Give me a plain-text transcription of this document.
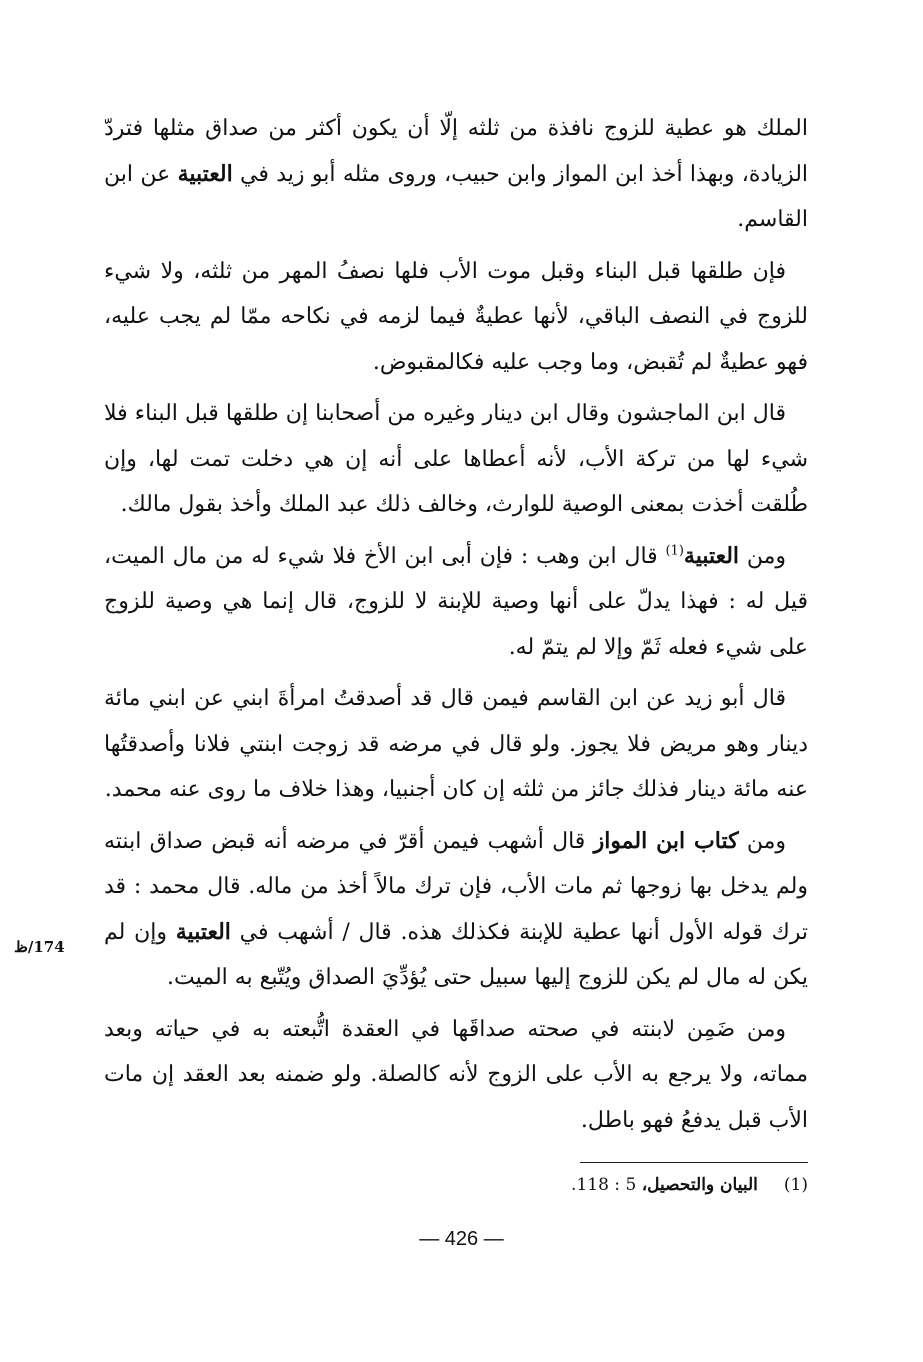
الملك هو عطية للزوج نافذة من ثلثه إلّا أن يكون أكثر من صداق مثلها فتردّ الزيادة، وبهذا أخذ ابن المواز وابن حبيب، وروى مثله أبو زيد في العتبية عن ابن القاسم.

فإن طلقها قبل البناء وقبل موت الأب فلها نصفُ المهر من ثلثه، ولا شيء للزوج في النصف الباقي، لأنها عطيةٌ فيما لزمه في نكاحه ممّا لم يجب عليه، فهو عطيةٌ لم تُقبض، وما وجب عليه فكالمقبوض.

قال ابن الماجشون وقال ابن دينار وغيره من أصحابنا إن طلقها قبل البناء فلا شيء لها من تركة الأب، لأنه أعطاها على أنه إن هي دخلت تمت لها، وإن طُلقت أخذت بمعنى الوصية للوارث، وخالف ذلك عبد الملك وأخذ بقول مالك.

ومن العتبية$^{(1)}$ قال ابن وهب : فإن أبى ابن الأخ فلا شيء له من مال الميت، قيل له : فهذا يدلّ على أنها وصية للإبنة لا للزوج، قال إنما هي وصية للزوج على شيء فعله ثَمّ وإلا لم يتمّ له.

قال أبو زيد عن ابن القاسم فيمن قال قد أصدقتُ امرأةَ ابني عن ابني مائة دينار وهو مريض فلا يجوز. ولو قال في مرضه قد زوجت ابنتي فلانا وأصدقتُها عنه مائة دينار فذلك جائز من ثلثه إن كان أجنبيا، وهذا خلاف ما روى عنه محمد.

ومن كتاب ابن المواز قال أشهب فيمن أقرّ في مرضه أنه قبض صداق ابنته ولم يدخل بها زوجها ثم مات الأب، فإن ترك مالاً أخذ من ماله. قال محمد : قد ترك قوله الأول أنها عطية للإبنة فكذلك هذه. قال / أشهب في العتبية وإن لم يكن له مال لم يكن للزوج إليها سبيل حتى يُؤدِّيَ الصداق ويُتّبع به الميت.

ومن ضَمِن لابنته في صحته صداقَها في العقدة اتُّبعته به في حياته وبعد مماته، ولا يرجع به الأب على الزوج لأنه كالصلة. ولو ضمنه بعد العقد إن مات الأب قبل يدفعُ فهو باطل.

174/ظ
(1)البيان والتحصيل، 5 : 118.
— 426 —
